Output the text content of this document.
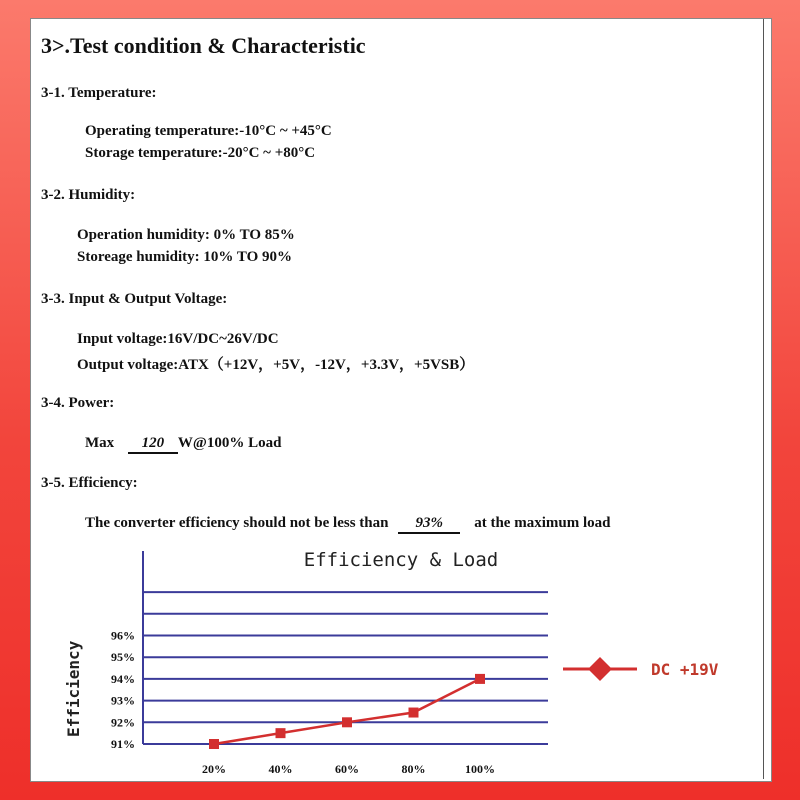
3>.Test condition & Characteristic
3-1. Temperature:
Operating temperature:-10°C ~ +45°C
Storage temperature:-20°C ~ +80°C
3-2. Humidity:
Operation humidity: 0% TO 85%
Storeage humidity: 10% TO 90%
3-3. Input & Output Voltage:
Input voltage:16V/DC~26V/DC
Output voltage:ATX（+12V，+5V，-12V，+3.3V，+5VSB）
3-4. Power:
Max 120 W@100% Load
3-5. Efficiency:
The converter efficiency should not be less than 93% at the maximum load
Efficiency & Load
Efficiency
91%
92%
93%
94%
95%
96%
20%	40%	60%	80%	100%
DC +19V
